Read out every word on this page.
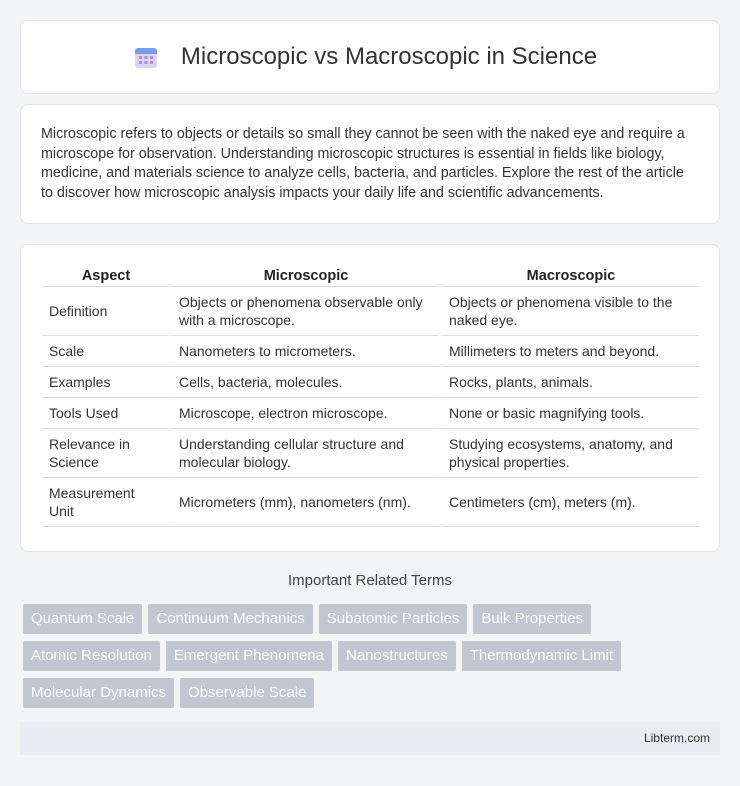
Microscopic vs Macroscopic in Science

Microscopic refers to objects or details so small they cannot be seen with the naked eye and require a microscope for observation. Understanding microscopic structures is essential in fields like biology, medicine, and materials science to analyze cells, bacteria, and particles. Explore the rest of the article to discover how microscopic analysis impacts your daily life and scientific advancements.

Aspect	Microscopic	Macroscopic
Definition	Objects or phenomena observable only with a microscope.	Objects or phenomena visible to the naked eye.
Scale	Nanometers to micrometers.	Millimeters to meters and beyond.
Examples	Cells, bacteria, molecules.	Rocks, plants, animals.
Tools Used	Microscope, electron microscope.	None or basic magnifying tools.
Relevance in Science	Understanding cellular structure and molecular biology.	Studying ecosystems, anatomy, and physical properties.
Measurement Unit	Micrometers (mm), nanometers (nm).	Centimeters (cm), meters (m).
Important Related Terms
Quantum Scale	Continuum Mechanics	Subatomic Particles	Bulk Properties
Atomic Resolution	Emergent Phenomena	Nanostructures	Thermodynamic Limit
Molecular Dynamics	Observable Scale
Libterm.com
